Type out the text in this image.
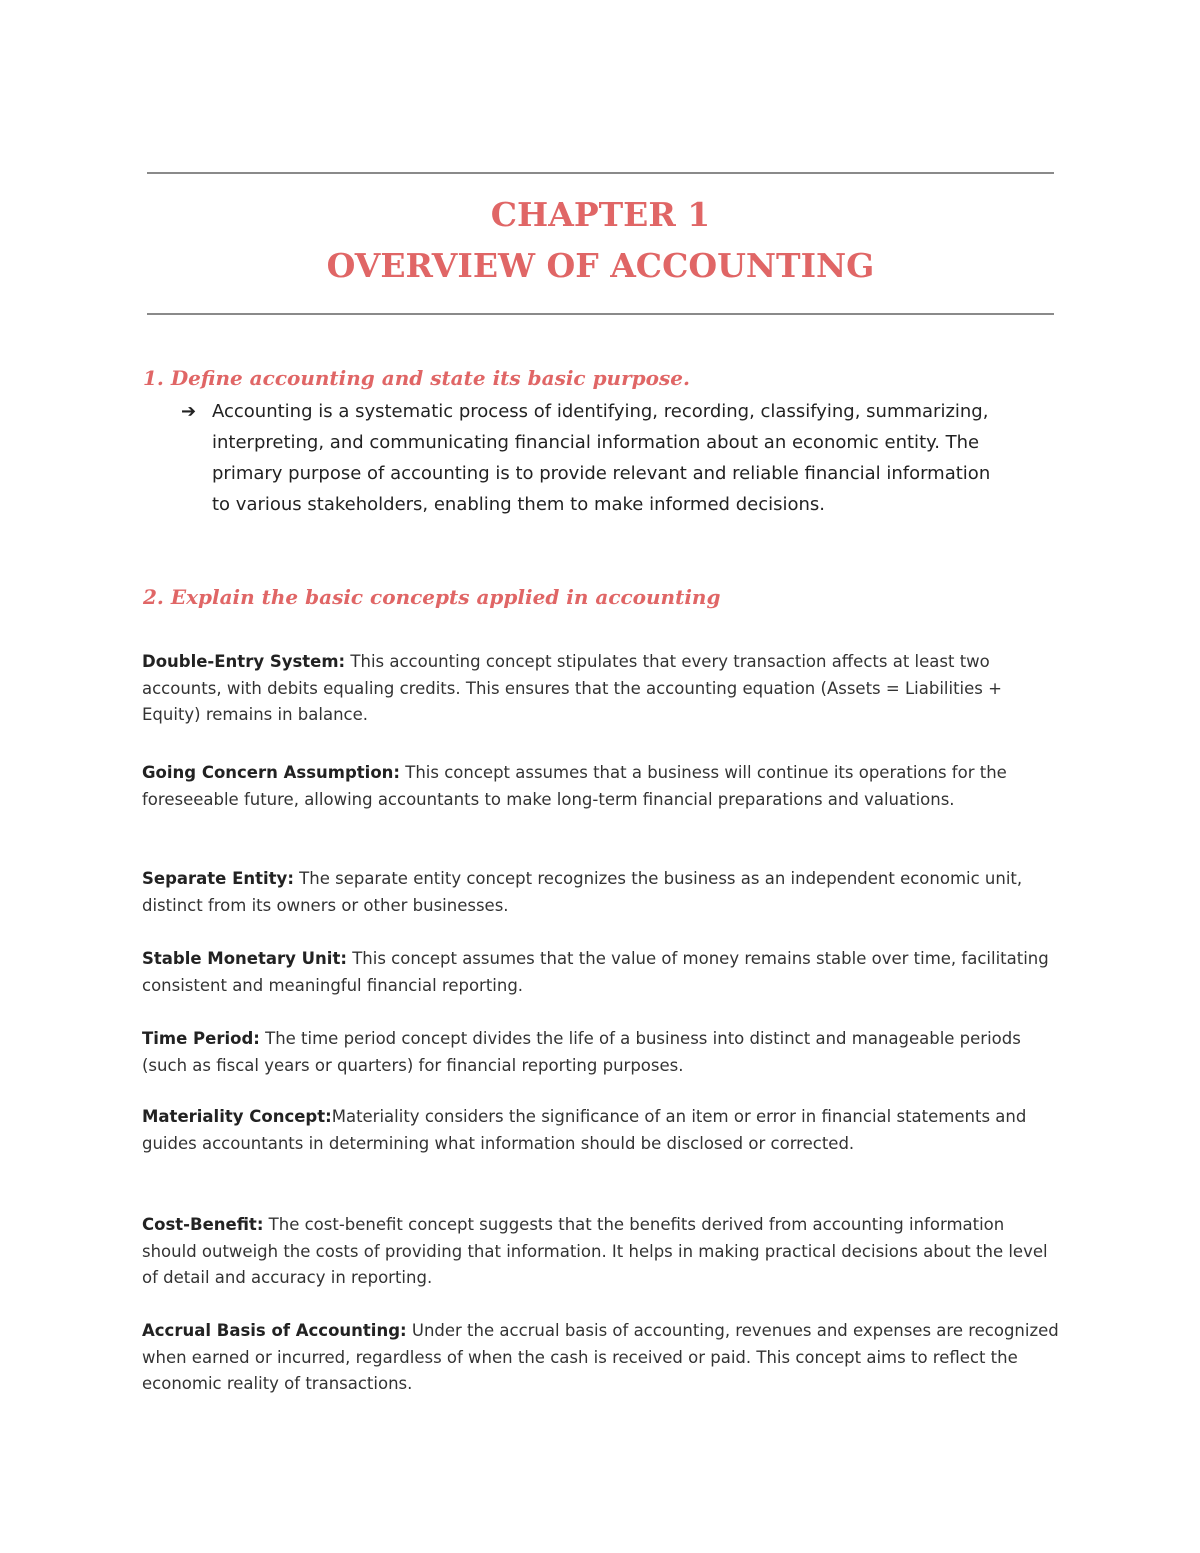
CHAPTER 1
OVERVIEW OF ACCOUNTING
1. Define accounting and state its basic purpose.
➔ Accounting is a systematic process of identifying, recording, classifying, summarizing, interpreting, and communicating financial information about an economic entity. The primary purpose of accounting is to provide relevant and reliable financial information to various stakeholders, enabling them to make informed decisions.
2. Explain the basic concepts applied in accounting

Double-Entry System: This accounting concept stipulates that every transaction affects at least two accounts, with debits equaling credits. This ensures that the accounting equation (Assets = Liabilities + Equity) remains in balance.

Going Concern Assumption: This concept assumes that a business will continue its operations for the foreseeable future, allowing accountants to make long-term financial preparations and valuations.

Separate Entity: The separate entity concept recognizes the business as an independent economic unit, distinct from its owners or other businesses.

Stable Monetary Unit: This concept assumes that the value of money remains stable over time, facilitating consistent and meaningful financial reporting.

Time Period: The time period concept divides the life of a business into distinct and manageable periods (such as fiscal years or quarters) for financial reporting purposes.

Materiality Concept:Materiality considers the significance of an item or error in financial statements and guides accountants in determining what information should be disclosed or corrected.

Cost-Benefit: The cost-benefit concept suggests that the benefits derived from accounting information should outweigh the costs of providing that information. It helps in making practical decisions about the level of detail and accuracy in reporting.

Accrual Basis of Accounting: Under the accrual basis of accounting, revenues and expenses are recognized when earned or incurred, regardless of when the cash is received or paid. This concept aims to reflect the economic reality of transactions.
